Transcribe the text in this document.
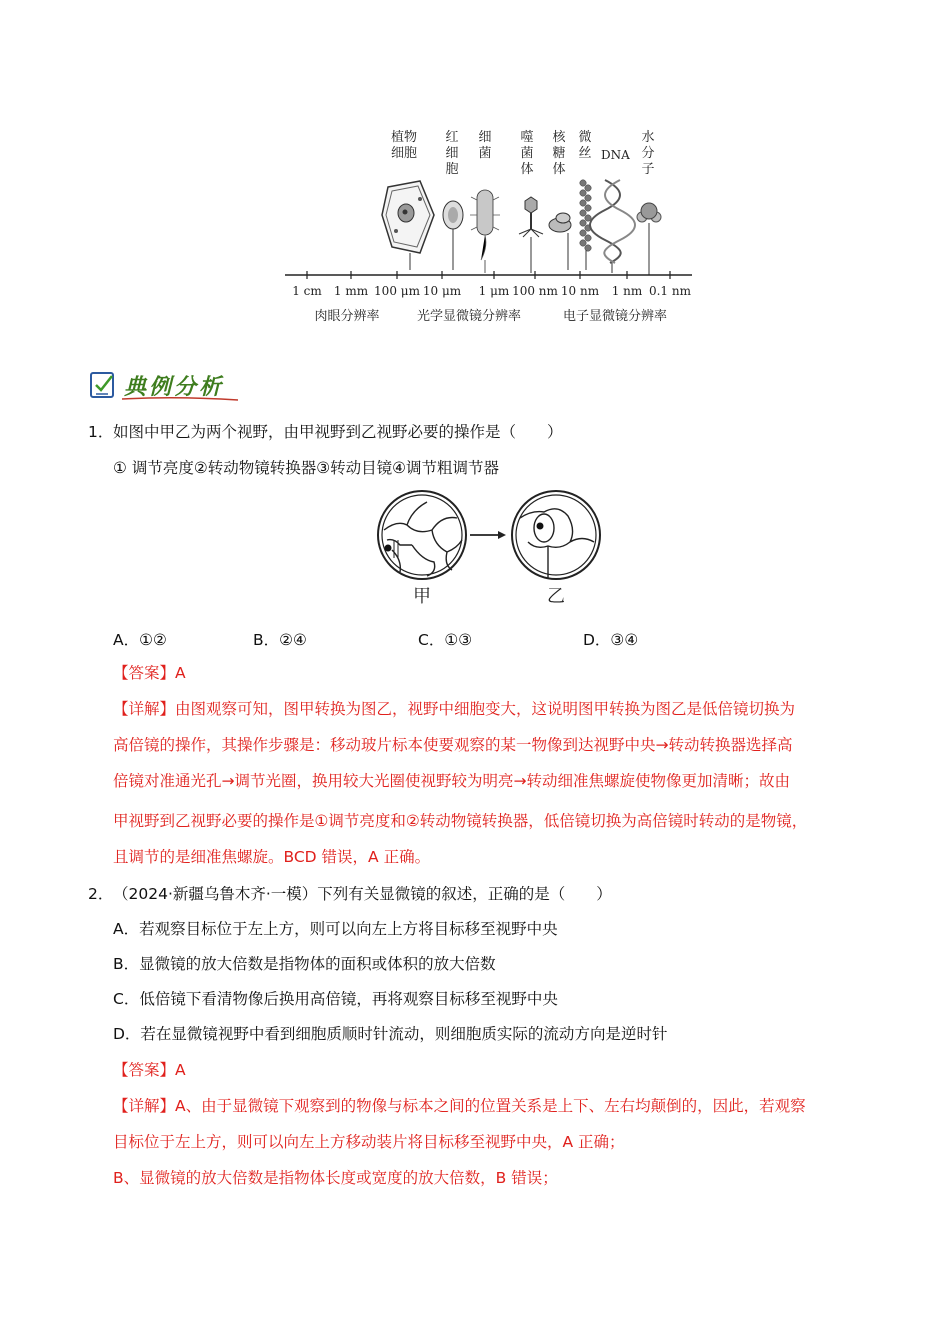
植物细胞
红细胞
细菌
噬菌体
核糖体
微丝 DNA
水分子
1 cm 1 mm 100 μm 10 μm 1 μm 100 nm 10 nm 1 nm 0.1 nm
肉眼分辨率	光学显微镜分辨率	电子显微镜分辨率
典例分析
1． 如图中甲乙为两个视野，由甲视野到乙视野必要的操作是（　　）
① 调节亮度②转动物镜转换器③转动目镜④调节粗调节器
甲	乙
A．①②	B．②④	C．①③	D．③④
【答案】A
【详解】由图观察可知，图甲转换为图乙，视野中细胞变大，这说明图甲转换为图乙是低倍镜切换为
高倍镜的操作，其操作步骤是：移动玻片标本使要观察的某一物像到达视野中央→转动转换器选择高
倍镜对准通光孔→调节光圈，换用较大光圈使视野较为明亮→转动细准焦螺旋使物像更加清晰；故由
甲视野到乙视野必要的操作是①调节亮度和②转动物镜转换器，低倍镜切换为高倍镜时转动的是物镜，
且调节的是细准焦螺旋。BCD 错误，A 正确。
2． （2024·新疆乌鲁木齐·一模）下列有关显微镜的叙述，正确的是（　　）
A．若观察目标位于左上方，则可以向左上方将目标移至视野中央
B．显微镜的放大倍数是指物体的面积或体积的放大倍数
C．低倍镜下看清物像后换用高倍镜，再将观察目标移至视野中央
D．若在显微镜视野中看到细胞质顺时针流动，则细胞质实际的流动方向是逆时针
【答案】A
【详解】A、由于显微镜下观察到的物像与标本之间的位置关系是上下、左右均颠倒的，因此，若观察
目标位于左上方，则可以向左上方移动装片将目标移至视野中央，A 正确；
B、显微镜的放大倍数是指物体长度或宽度的放大倍数，B 错误；
